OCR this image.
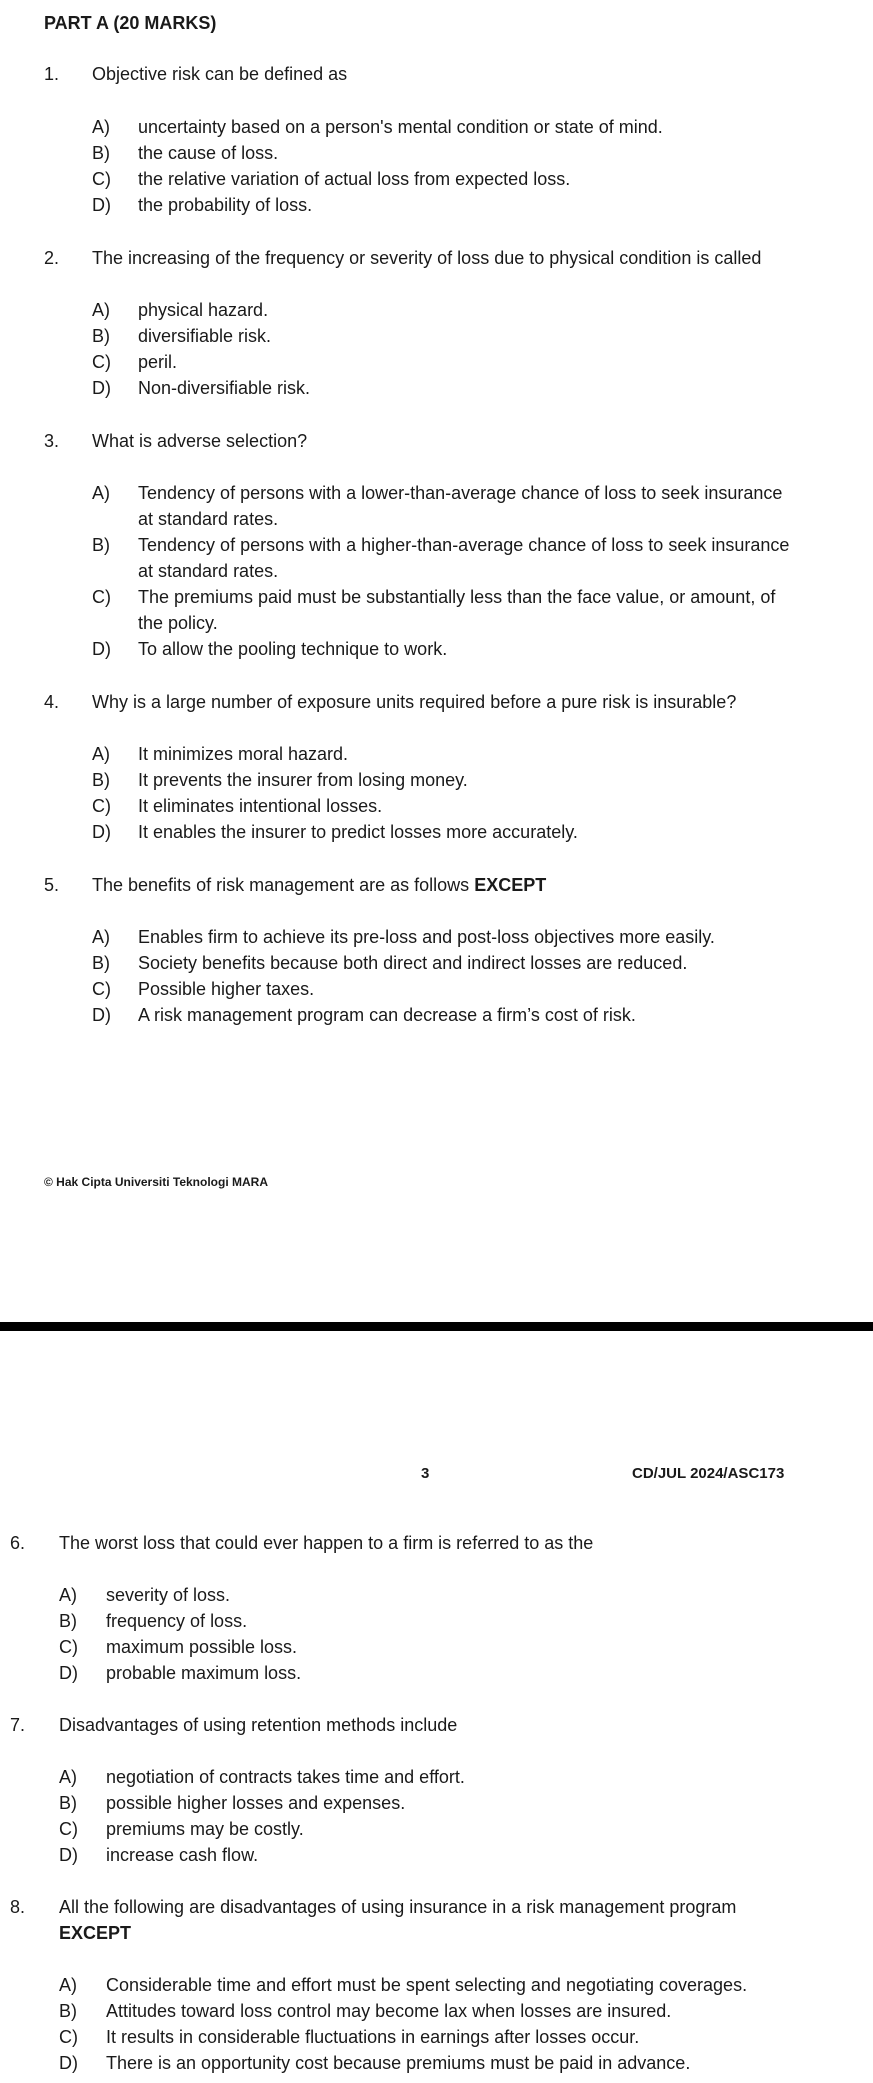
PART A (20 MARKS)
1. Objective risk can be defined as
A) uncertainty based on a person's mental condition or state of mind.
B) the cause of loss.
C) the relative variation of actual loss from expected loss.
D) the probability of loss.
2. The increasing of the frequency or severity of loss due to physical condition is called
A) physical hazard.
B) diversifiable risk.
C) peril.
D) Non-diversifiable risk.
3. What is adverse selection?
A) Tendency of persons with a lower-than-average chance of loss to seek insurance
at standard rates.
B) Tendency of persons with a higher-than-average chance of loss to seek insurance
at standard rates.
C) The premiums paid must be substantially less than the face value, or amount, of
the policy.
D) To allow the pooling technique to work.
4. Why is a large number of exposure units required before a pure risk is insurable?
A) It minimizes moral hazard.
B) It prevents the insurer from losing money.
C) It eliminates intentional losses.
D) It enables the insurer to predict losses more accurately.
5. The benefits of risk management are as follows EXCEPT
A) Enables firm to achieve its pre-loss and post-loss objectives more easily.
B) Society benefits because both direct and indirect losses are reduced.
C) Possible higher taxes.
D) A risk management program can decrease a firm’s cost of risk.
© Hak Cipta Universiti Teknologi MARA
3	CD/JUL 2024/ASC173
6. The worst loss that could ever happen to a firm is referred to as the
A) severity of loss.
B) frequency of loss.
C) maximum possible loss.
D) probable maximum loss.
7. Disadvantages of using retention methods include
A) negotiation of contracts takes time and effort.
B) possible higher losses and expenses.
C) premiums may be costly.
D) increase cash flow.
8. All the following are disadvantages of using insurance in a risk management program
EXCEPT
A) Considerable time and effort must be spent selecting and negotiating coverages.
B) Attitudes toward loss control may become lax when losses are insured.
C) It results in considerable fluctuations in earnings after losses occur.
D) There is an opportunity cost because premiums must be paid in advance.
